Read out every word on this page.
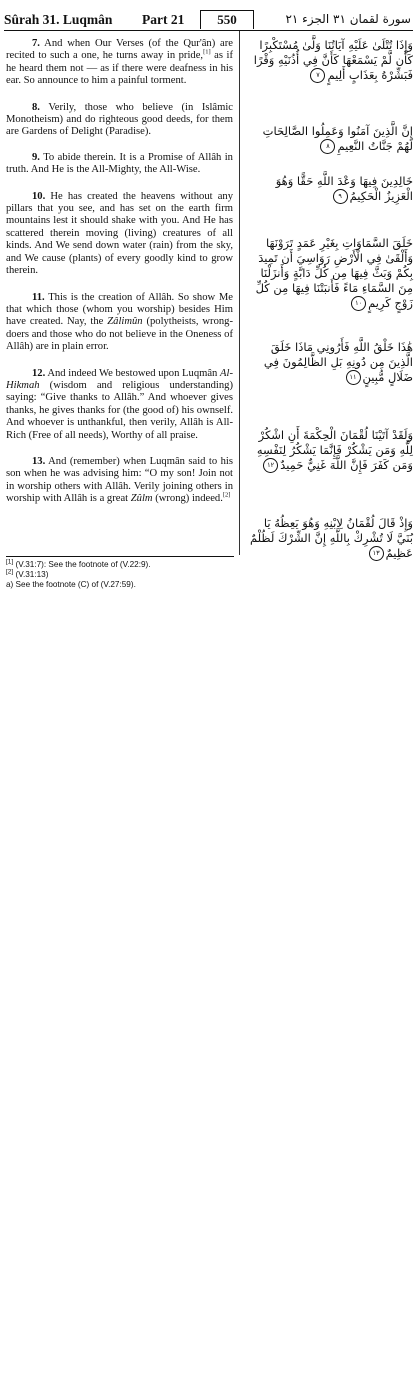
Sûrah 31. Luqmân Part 21	550	سورة لقمان ٣١ الجزء ٢١

7. And when Our Verses (of the Qur'ân) are recited to such a one, he turns away in pride,[1] as if he heard them not — as if there were deafness in his ear. So announce to him a painful torment.

8. Verily, those who believe (in Islâmic Monotheism) and do righteous good deeds, for them are Gardens of Delight (Paradise).

9. To abide therein. It is a Promise of Allâh in truth. And He is the All-Mighty, the All-Wise.

10. He has created the heavens without any pillars that you see, and has set on the earth firm mountains lest it should shake with you. And He has scattered therein moving (living) creatures of all kinds. And We send down water (rain) from the sky, and We cause (plants) of every goodly kind to grow therein.

11. This is the creation of Allâh. So show Me that which those (whom you worship) besides Him have created. Nay, the Zâlimûn (polytheists, wrong-doers and those who do not believe in the Oneness of Allâh) are in plain error.

12. And indeed We bestowed upon Luqmân Al-Hikmah (wisdom and religious understanding) saying: “Give thanks to Allâh.” And whoever gives thanks, he gives thanks for (the good of) his ownself. And whoever is unthankful, then verily, Allâh is All-Rich (Free of all needs), Worthy of all praise.

13. And (remember) when Luqmân said to his son when he was advising him: “O my son! Join not in worship others with Allâh. Verily joining others in worship with Allâh is a great Zûlm (wrong) indeed.[2]

وَإِذَا تُتْلَىٰ عَلَيْهِ آيَاتُنَا وَلَّىٰ مُسْتَكْبِرًا كَأَن لَّمْ يَسْمَعْهَا كَأَنَّ فِي أُذُنَيْهِ وَقْرًا فَبَشِّرْهُ بِعَذَابٍ أَلِيمٍ٧
إِنَّ الَّذِينَ آمَنُوا وَعَمِلُوا الصَّالِحَاتِ لَهُمْ جَنَّاتُ النَّعِيمِ٨
خَالِدِينَ فِيهَا وَعْدَ اللَّهِ حَقًّا وَهُوَ الْعَزِيزُ الْحَكِيمُ٩
خَلَقَ السَّمَاوَاتِ بِغَيْرِ عَمَدٍ تَرَوْنَهَا وَأَلْقَىٰ فِي الْأَرْضِ رَوَاسِيَ أَن تَمِيدَ بِكُمْ وَبَثَّ فِيهَا مِن كُلِّ دَابَّةٍ وَأَنزَلْنَا مِنَ السَّمَاءِ مَاءً فَأَنبَتْنَا فِيهَا مِن كُلِّ زَوْجٍ كَرِيمٍ١٠
هَٰذَا خَلْقُ اللَّهِ فَأَرُونِي مَاذَا خَلَقَ الَّذِينَ مِن دُونِهِ بَلِ الظَّالِمُونَ فِي ضَلَالٍ مُّبِينٍ١١
وَلَقَدْ آتَيْنَا لُقْمَانَ الْحِكْمَةَ أَنِ اشْكُرْ لِلَّهِ وَمَن يَشْكُرْ فَإِنَّمَا يَشْكُرُ لِنَفْسِهِ وَمَن كَفَرَ فَإِنَّ اللَّهَ غَنِيٌّ حَمِيدٌ١٢
وَإِذْ قَالَ لُقْمَانُ لِابْنِهِ وَهُوَ يَعِظُهُ يَا بُنَيَّ لَا تُشْرِكْ بِاللَّهِ إِنَّ الشِّرْكَ لَظُلْمٌ عَظِيمٌ١٣
[1] (V.31:7): See the footnote of (V.22:9).
[2] (V.31:13)
a) See the footnote (C) of (V.27:59).
